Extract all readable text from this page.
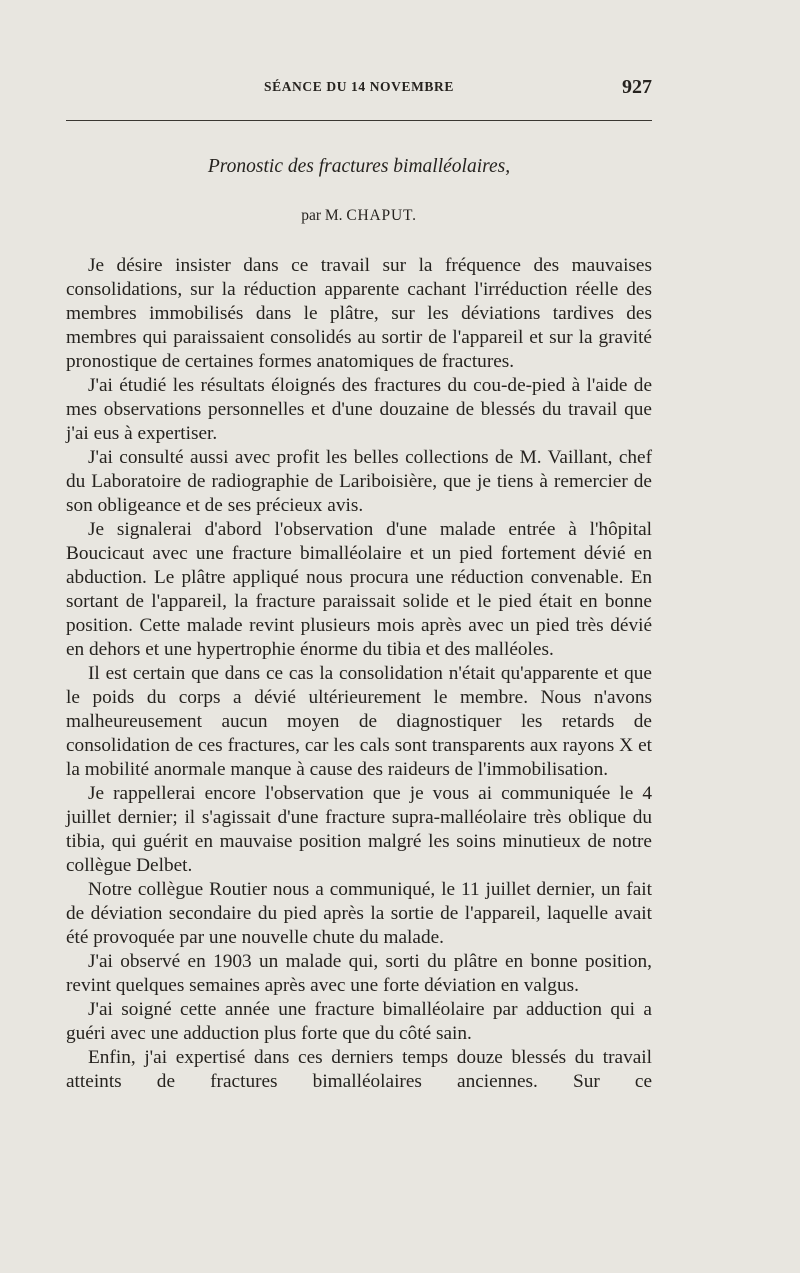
SÉANCE DU 14 NOVEMBRE	927
Pronostic des fractures bimalléolaires,
par M. CHAPUT.

Je désire insister dans ce travail sur la fréquence des mauvaises consolidations, sur la réduction apparente cachant l'irréduction réelle des membres immobilisés dans le plâtre, sur les déviations tardives des membres qui paraissaient consolidés au sortir de l'appareil et sur la gravité pronostique de certaines formes anatomiques de fractures.

J'ai étudié les résultats éloignés des fractures du cou-de-pied à l'aide de mes observations personnelles et d'une douzaine de blessés du travail que j'ai eus à expertiser.

J'ai consulté aussi avec profit les belles collections de M. Vaillant, chef du Laboratoire de radiographie de Lariboisière, que je tiens à remercier de son obligeance et de ses précieux avis.

Je signalerai d'abord l'observation d'une malade entrée à l'hôpital Boucicaut avec une fracture bimalléolaire et un pied fortement dévié en abduction. Le plâtre appliqué nous procura une réduction convenable. En sortant de l'appareil, la fracture paraissait solide et le pied était en bonne position. Cette malade revint plusieurs mois après avec un pied très dévié en dehors et une hypertrophie énorme du tibia et des malléoles.

Il est certain que dans ce cas la consolidation n'était qu'apparente et que le poids du corps a dévié ultérieurement le membre. Nous n'avons malheureusement aucun moyen de diagnostiquer les retards de consolidation de ces fractures, car les cals sont transparents aux rayons X et la mobilité anormale manque à cause des raideurs de l'immobilisation.

Je rappellerai encore l'observation que je vous ai communiquée le 4 juillet dernier; il s'agissait d'une fracture supra-malléolaire très oblique du tibia, qui guérit en mauvaise position malgré les soins minutieux de notre collègue Delbet.

Notre collègue Routier nous a communiqué, le 11 juillet dernier, un fait de déviation secondaire du pied après la sortie de l'appareil, laquelle avait été provoquée par une nouvelle chute du malade.

J'ai observé en 1903 un malade qui, sorti du plâtre en bonne position, revint quelques semaines après avec une forte déviation en valgus.

J'ai soigné cette année une fracture bimalléolaire par adduction qui a guéri avec une adduction plus forte que du côté sain.

Enfin, j'ai expertisé dans ces derniers temps douze blessés du travail atteints de fractures bimalléolaires anciennes. Sur ce
